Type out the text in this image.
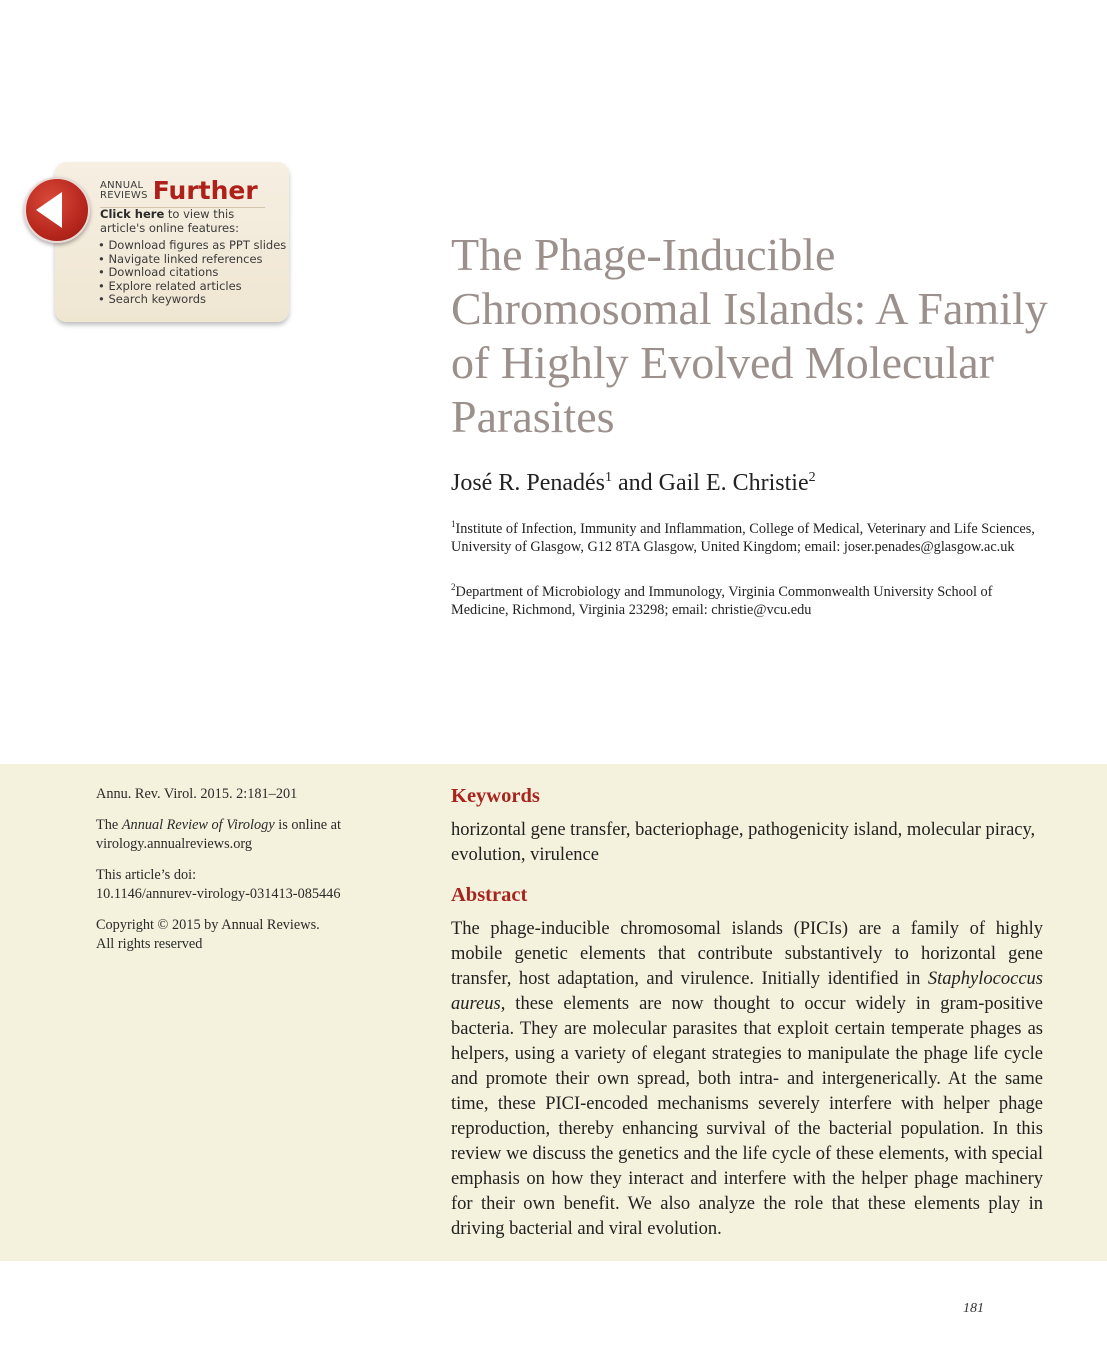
ANNUAL
REVIEWS Further
Click here to view this article's online features:
• Download figures as PPT slides
• Navigate linked references
• Download citations
• Explore related articles
• Search keywords
The Phage-Inducible Chromosomal Islands: A Family of Highly Evolved Molecular Parasites
José R. Penadés$^1$ and Gail E. Christie$^2$

$^1$Institute of Infection, Immunity and Inflammation, College of Medical, Veterinary and Life Sciences, University of Glasgow, G12 8TA Glasgow, United Kingdom; email: joser.penades@glasgow.ac.uk

$^2$Department of Microbiology and Immunology, Virginia Commonwealth University School of Medicine, Richmond, Virginia 23298; email: christie@vcu.edu

Annu. Rev. Virol. 2015. 2:181–201

The Annual Review of Virology is online at virology.annualreviews.org

This article’s doi:
10.1146/annurev-virology-031413-085446

Copyright © 2015 by Annual Reviews.
All rights reserved

Keywords

horizontal gene transfer, bacteriophage, pathogenicity island, molecular piracy, evolution, virulence

Abstract

The phage-inducible chromosomal islands (PICIs) are a family of highly mobile genetic elements that contribute substantively to horizontal gene transfer, host adaptation, and virulence. Initially identified in Staphylococcus aureus, these elements are now thought to occur widely in gram-positive bacteria. They are molecular parasites that exploit certain temperate phages as helpers, using a variety of elegant strategies to manipulate the phage life cycle and promote their own spread, both intra- and intergenerically. At the same time, these PICI-encoded mechanisms severely interfere with helper phage reproduction, thereby enhancing survival of the bacterial population. In this review we discuss the genetics and the life cycle of these elements, with special emphasis on how they interact and interfere with the helper phage machinery for their own benefit. We also analyze the role that these elements play in driving bacterial and viral evolution.

181
